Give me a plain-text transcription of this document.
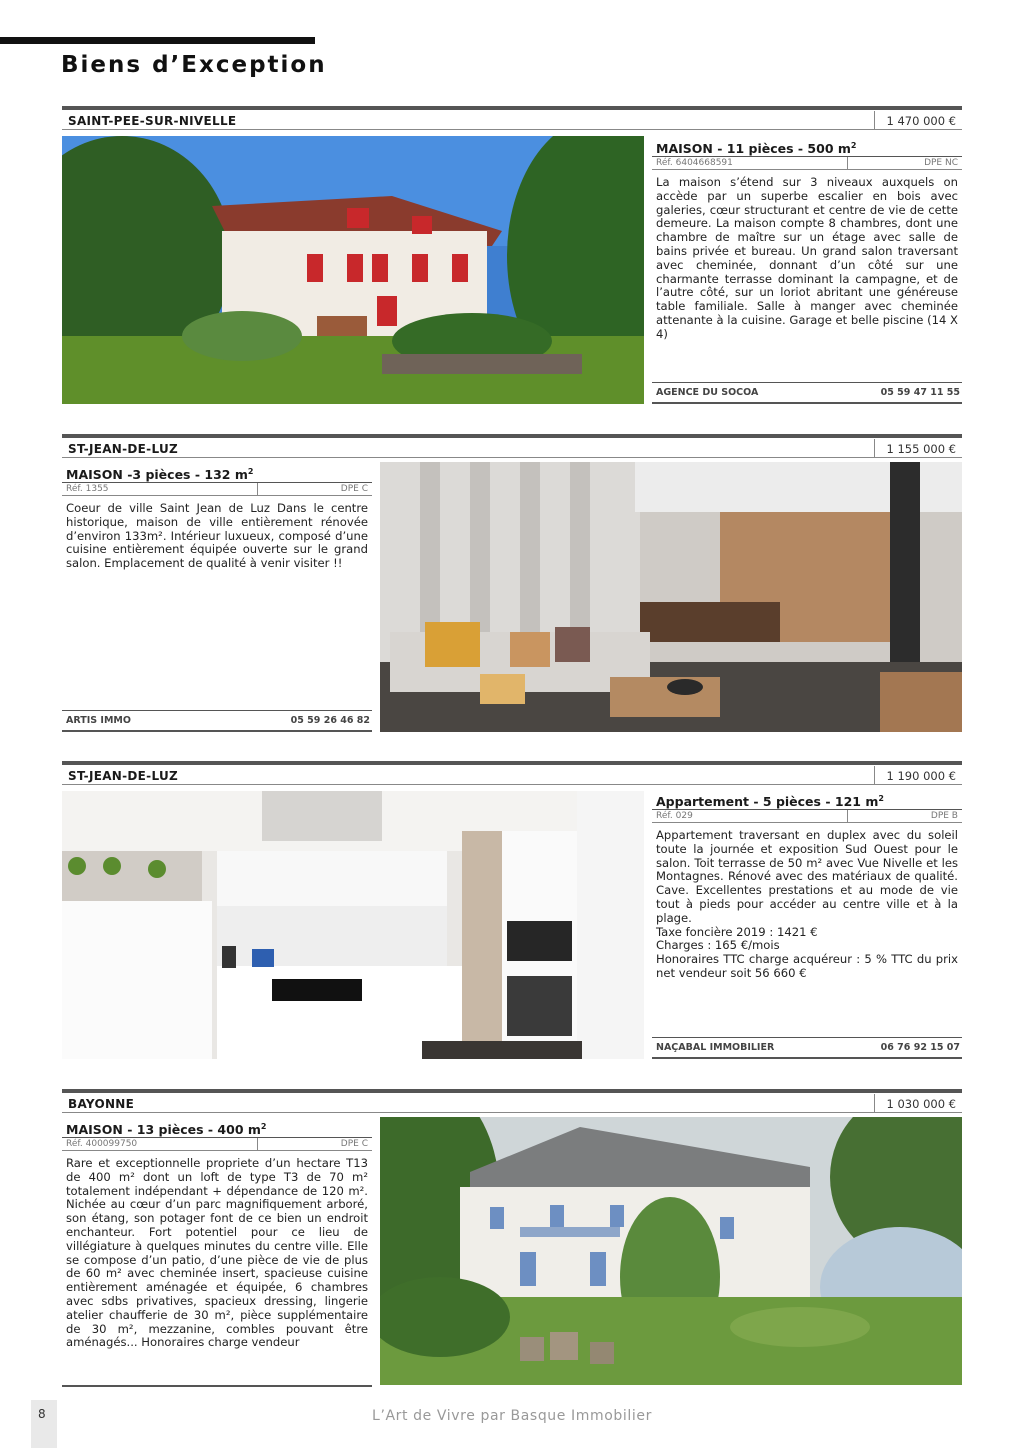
Biens d’Exception
SAINT-PEE-SUR-NIVELLE	1 470 000 €
MAISON - 11 pièces - 500 $m^2$
Réf. 6404668591	DPE NC

La maison s’étend sur 3 niveaux auxquels on accède par un superbe escalier en bois avec galeries, cœur structurant et centre de vie de cette demeure. La maison compte 8 chambres, dont une chambre de maître sur un étage avec salle de bains privée et bureau. Un grand salon traversant avec cheminée, donnant d’un côté sur une charmante terrasse dominant la campagne, et de l’autre côté, sur un loriot abritant une généreuse table familiale. Salle à manger avec cheminée attenante à la cuisine. Garage et belle piscine (14 X 4)

AGENCE DU SOCOA	05 59 47 11 55
ST-JEAN-DE-LUZ	1 155 000 €
MAISON -3 pièces - 132 $m^2$
Réf. 1355	DPE C

Coeur de ville Saint Jean de Luz Dans le centre historique, maison de ville entièrement rénovée d’environ 133m². Intérieur luxueux, composé d’une cuisine entièrement équipée ouverte sur le grand salon. Emplacement de qualité à venir visiter !!

ARTIS IMMO	05 59 26 46 82
ST-JEAN-DE-LUZ	1 190 000 €
Appartement - 5 pièces - 121 $m^2$
Réf. 029	DPE B

Appartement traversant en duplex avec du soleil toute la journée et exposition Sud Ouest pour le salon. Toit terrasse de 50 m² avec Vue Nivelle et les Montagnes. Rénové avec des matériaux de qualité. Cave. Excellentes prestations et au mode de vie tout à pieds pour accéder au centre ville et à la plage.

Taxe foncière 2019 : 1421 €

Charges : 165 €/mois

Honoraires TTC charge acquéreur : 5 % TTC du prix net vendeur soit 56 660 €

NAÇABAL IMMOBILIER	06 76 92 15 07
BAYONNE	1 030 000 €
MAISON - 13 pièces - 400 $m^2$
Réf. 400099750	DPE C

Rare et exceptionnelle propriete d’un hectare T13 de 400 m² dont un loft de type T3 de 70 m² totalement indépendant + dépendance de 120 m². Nichée au cœur d’un parc magnifiquement arboré, son étang, son potager font de ce bien un endroit enchanteur. Fort potentiel pour ce lieu de villégiature à quelques minutes du centre ville. Elle se compose d’un patio, d’une pièce de vie de plus de 60 m² avec cheminée insert, spacieuse cuisine entièrement aménagée et équipée, 6 chambres avec sdbs privatives, spacieux dressing, lingerie atelier chaufferie de 30 m², pièce supplémentaire de 30 m², mezzanine, combles pouvant être aménagés... Honoraires charge vendeur

8	L’Art de Vivre par Basque Immobilier
